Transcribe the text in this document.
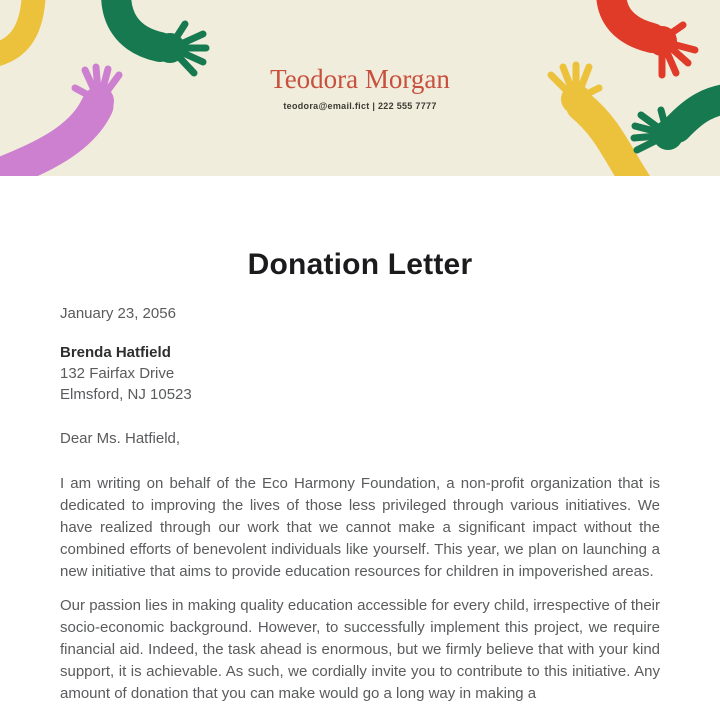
Teodora Morgan
teodora@email.fict | 222 555 7777
Donation Letter
January 23, 2056
Brenda Hatfield
132 Fairfax Drive
Elmsford, NJ 10523
Dear Ms. Hatfield,

I am writing on behalf of the Eco Harmony Foundation, a non-profit organization that is dedicated to improving the lives of those less privileged through various initiatives. We have realized through our work that we cannot make a significant impact without the combined efforts of benevolent individuals like yourself. This year, we plan on launching a new initiative that aims to provide education resources for children in impoverished areas.

Our passion lies in making quality education accessible for every child, irrespective of their socio-economic background. However, to successfully implement this project, we require financial aid. Indeed, the task ahead is enormous, but we firmly believe that with your kind support, it is achievable. As such, we cordially invite you to contribute to this initiative. Any amount of donation that you can make would go a long way in making a
